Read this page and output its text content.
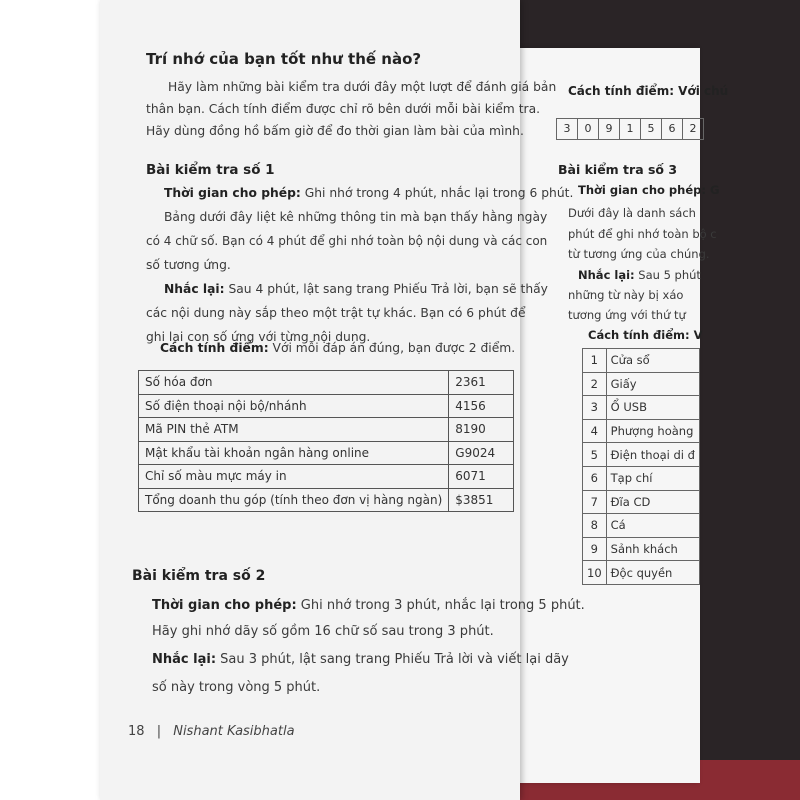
Cách tính điểm: Với chú
3	0	9	1	5	6	2
Bài kiểm tra số 3
Thời gian cho phép: G
Dưới đây là danh sách
phút để ghi nhớ toàn bộ c
từ tương ứng của chúng.
Nhắc lại: Sau 5 phút
những từ này bị xáo
tương ứng với thứ tự
Cách tính điểm: V
1	Cửa sổ
2	Giấy
3	Ổ USB
4	Phượng hoàng
5	Điện thoại di đ
6	Tạp chí
7	Đĩa CD
8	Cá
9	Sảnh khách
10	Độc quyền
Trí nhớ của bạn tốt như thế nào?
Hãy làm những bài kiểm tra dưới đây một lượt để đánh giá bản
thân bạn. Cách tính điểm được chỉ rõ bên dưới mỗi bài kiểm tra.
Hãy dùng đồng hồ bấm giờ để đo thời gian làm bài của mình.
Bài kiểm tra số 1
Thời gian cho phép: Ghi nhớ trong 4 phút, nhắc lại trong 6 phút.
Bảng dưới đây liệt kê những thông tin mà bạn thấy hằng ngày
có 4 chữ số. Bạn có 4 phút để ghi nhớ toàn bộ nội dung và các con
số tương ứng.
Nhắc lại: Sau 4 phút, lật sang trang Phiếu Trả lời, bạn sẽ thấy
các nội dung này sắp theo một trật tự khác. Bạn có 6 phút để
ghi lại con số ứng với từng nội dung.
Cách tính điểm: Với mỗi đáp án đúng, bạn được 2 điểm.
Số hóa đơn	2361
Số điện thoại nội bộ/nhánh	4156
Mã PIN thẻ ATM	8190
Mật khẩu tài khoản ngân hàng online	G9024
Chỉ số màu mực máy in	6071
Tổng doanh thu góp (tính theo đơn vị hàng ngàn)	$3851
Bài kiểm tra số 2
Thời gian cho phép: Ghi nhớ trong 3 phút, nhắc lại trong 5 phút.
Hãy ghi nhớ dãy số gồm 16 chữ số sau trong 3 phút.
Nhắc lại: Sau 3 phút, lật sang trang Phiếu Trả lời và viết lại dãy
số này trong vòng 5 phút.
18 | Nishant Kasibhatla
